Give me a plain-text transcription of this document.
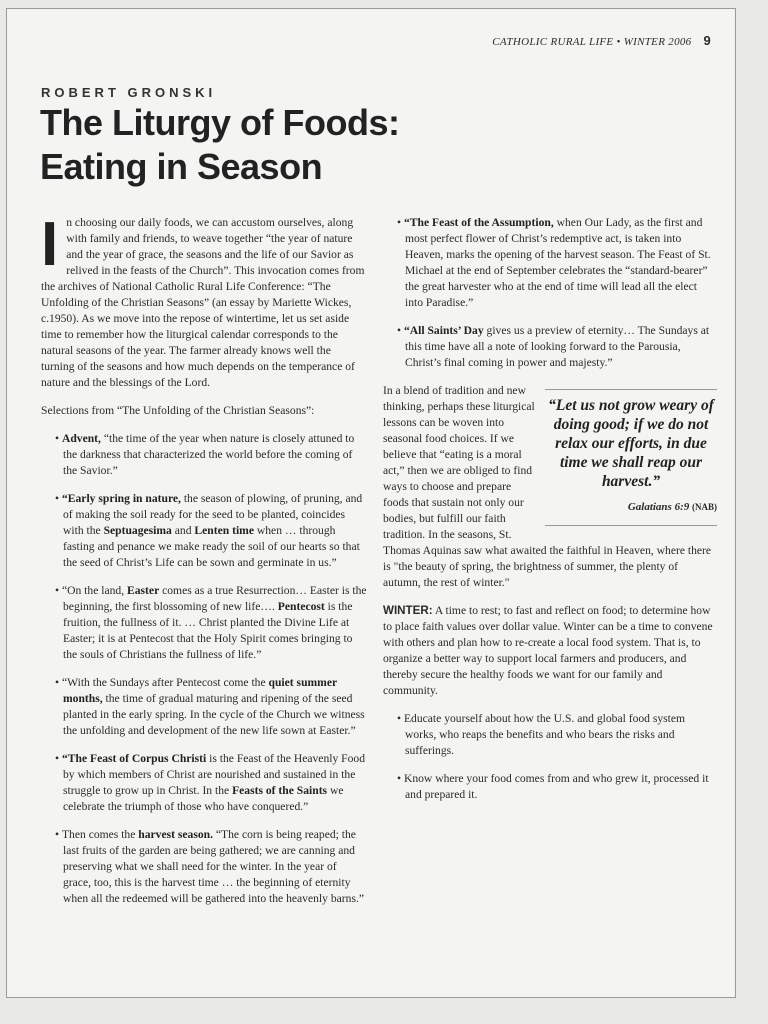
CATHOLIC RURAL LIFE • WINTER 2006 9
ROBERT GRONSKI
The Liturgy of Foods:
Eating in Season

In choosing our daily foods, we can accustom ourselves, along with family and friends, to weave together “the year of nature and the year of grace, the seasons and the life of our Savior as relived in the feasts of the Church”. This invocation comes from the archives of National Catholic Rural Life Conference: “The Unfolding of the Christian Seasons” (an essay by Mariette Wickes, c.1950). As we move into the repose of wintertime, let us set aside time to remember how the liturgical calendar corresponds to the natural seasons of the year. The farmer already knows well the turning of the seasons and how much depends on the temperance of nature and the blessings of the Lord.

Selections from “The Unfolding of the Christian Seasons”:

• Advent, “the time of the year when nature is closely attuned to the darkness that characterized the world before the coming of the Savior.”

• “Early spring in nature, the season of plowing, of pruning, and of making the soil ready for the seed to be planted, coincides with the Septuagesima and Lenten time when … through fasting and penance we make ready the soil of our hearts so that the seed of Christ’s Life can be sown and germinate in us.”

• “On the land, Easter comes as a true Resurrection… Easter is the beginning, the first blossoming of new life…. Pentecost is the fruition, the fullness of it. … Christ planted the Divine Life at Easter; it is at Pentecost that the Holy Spirit comes bringing to the souls of Christians the fullness of life.”

• “With the Sundays after Pentecost come the quiet summer months, the time of gradual maturing and ripening of the seed planted in the early spring. In the cycle of the Church we witness the unfolding and development of the new life sown at Easter.”

• “The Feast of Corpus Christi is the Feast of the Heavenly Food by which members of Christ are nourished and sustained in the struggle to grow up in Christ. In the Feasts of the Saints we celebrate the triumph of those who have conquered.”

• Then comes the harvest season. “The corn is being reaped; the last fruits of the garden are being gathered; we are canning and preserving what we shall need for the winter. In the year of grace, too, this is the harvest time … the beginning of eternity when all the redeemed will be gathered into the heavenly barns.”

• “The Feast of the Assumption, when Our Lady, as the first and most perfect flower of Christ’s redemptive act, is taken into Heaven, marks the opening of the harvest season. The Feast of St. Michael at the end of September celebrates the “standard-bearer” the great harvester who at the end of time will lead all the elect into Paradise.”

• “All Saints’ Day gives us a preview of eternity… The Sundays at this time have all a note of looking forward to the Parousia, Christ’s final coming in power and majesty.”

“Let us not grow weary of doing good; if we do not relax our efforts, in due time we shall reap our harvest.”
Galatians 6:9 (NAB)

In a blend of tradition and new thinking, perhaps these liturgical lessons can be woven into seasonal food choices. If we believe that “eating is a moral act,” then we are obliged to find ways to choose and prepare foods that sustain not only our bodies, but fulfill our faith tradition. In the seasons, St. Thomas Aquinas saw what awaited the faithful in Heaven, where there is "the beauty of spring, the brightness of summer, the plenty of autumn, the rest of winter."

WINTER: A time to rest; to fast and reflect on food; to determine how to place faith values over dollar value. Winter can be a time to convene with others and plan how to re-create a local food system. That is, to organize a better way to support local farmers and producers, and thereby secure the healthy foods we want for our family and community.

• Educate yourself about how the U.S. and global food system works, who reaps the benefits and who bears the risks and sufferings.

• Know where your food comes from and who grew it, processed it and prepared it.
